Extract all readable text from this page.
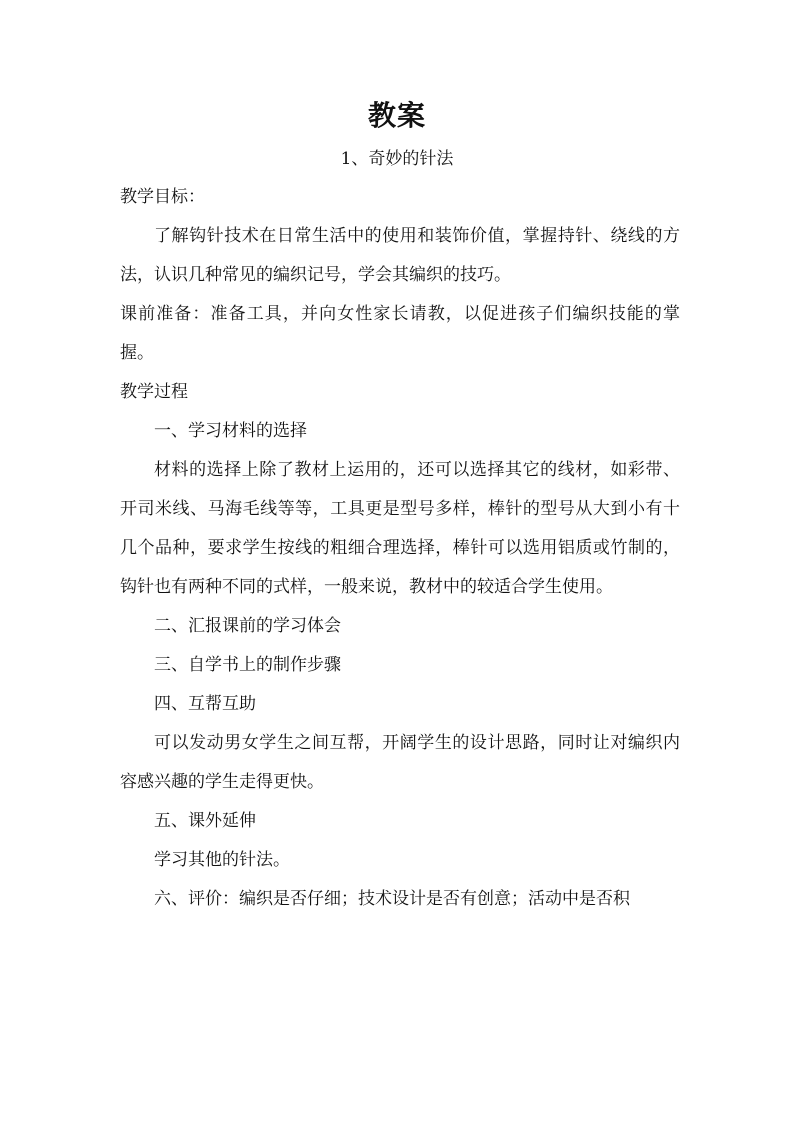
教案
1、奇妙的针法

教学目标：

了解钩针技术在日常生活中的使用和装饰价值，掌握持针、绕线的方法，认识几种常见的编织记号，学会其编织的技巧。

课前准备：准备工具，并向女性家长请教，以促进孩子们编织技能的掌握。

教学过程

一、学习材料的选择

材料的选择上除了教材上运用的，还可以选择其它的线材，如彩带、开司米线、马海毛线等等，工具更是型号多样，棒针的型号从大到小有十几个品种，要求学生按线的粗细合理选择，棒针可以选用铝质或竹制的，钩针也有两种不同的式样，一般来说，教材中的较适合学生使用。

二、汇报课前的学习体会

三、自学书上的制作步骤

四、互帮互助

可以发动男女学生之间互帮，开阔学生的设计思路，同时让对编织内容感兴趣的学生走得更快。

五、课外延伸

学习其他的针法。

六、评价：编织是否仔细；技术设计是否有创意；活动中是否积
